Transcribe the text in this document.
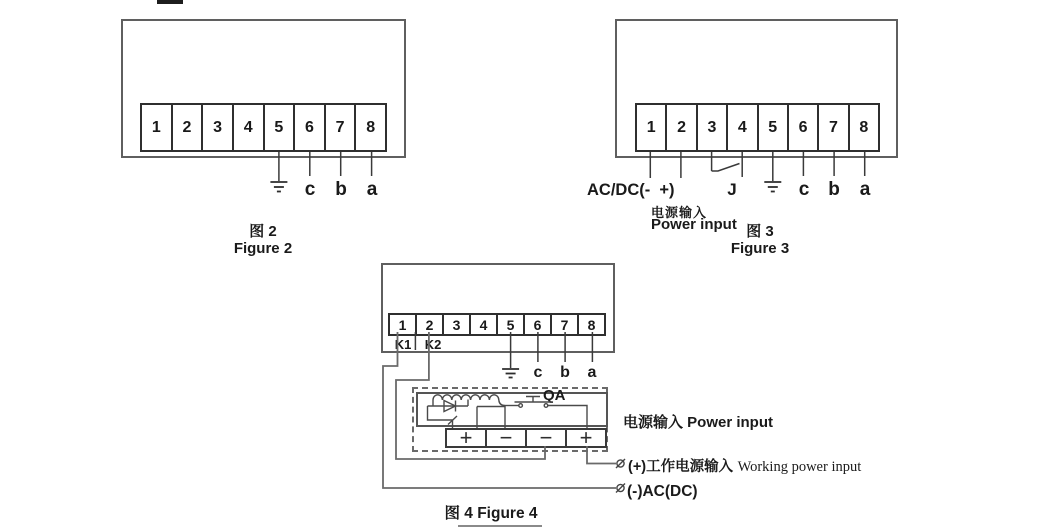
1 2 3 4 5 6 7 8
c b a
图 2
Figure 2
1 2 3 4 5 6 7 8
AC/DC(-  +)
电源输入
Power input
J	c b a
图 3
Figure 3
1 2 3 4 5 6 7 8
K1 K2
c b a
QA
+ − − +
电源输入 Power input
(+)工作电源输入 Working power input
(-)AC(DC)
图 4 Figure 4
